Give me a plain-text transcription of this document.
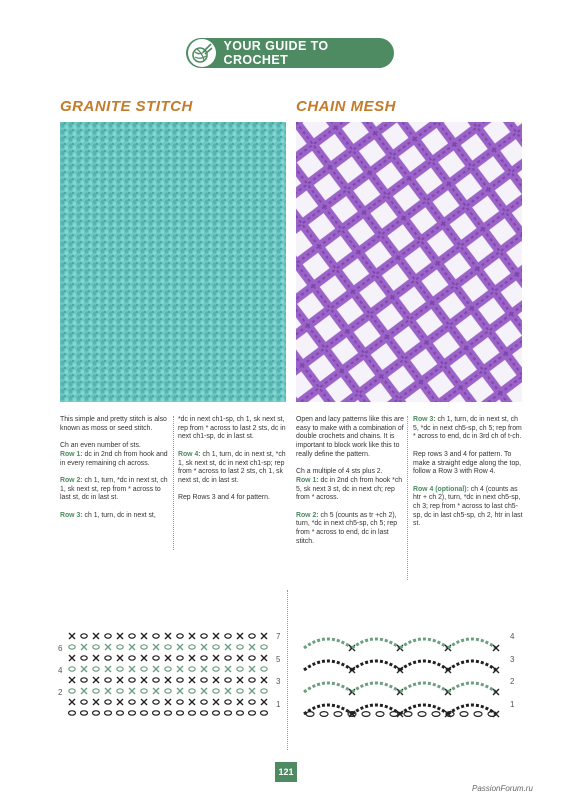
YOUR GUIDE TO CROCHET
GRANITE STITCH	CHAIN MESH

This simple and pretty stitch is also known as moss or seed stitch.

Ch an even number of sts.
Row 1: dc in 2nd ch from hook and in every remaining ch across.

Row 2: ch 1, turn, *dc in next st, ch 1, sk next st, rep from * across to last st, dc in last st.

Row 3: ch 1, turn, dc in next st,

*dc in next ch1-sp, ch 1, sk next st, rep from * across to last 2 sts, dc in next ch1-sp, dc in last st.

Row 4: ch 1, turn, dc in next st, *ch 1, sk next st, dc in next ch1-sp; rep from * across to last 2 sts, ch 1, sk next st, dc in last st.

Rep Rows 3 and 4 for pattern.

Open and lacy patterns like this are easy to make with a combination of double crochets and chains. It is important to block work like this to really define the pattern.

Ch a multiple of 4 sts plus 2.
Row 1: dc in 2nd ch from hook *ch 5, sk next 3 st, dc in next ch; rep from * across.

Row 2: ch 5 (counts as tr +ch 2), turn, *dc in next ch5-sp, ch 5; rep from * across to end, dc in last stitch.

Row 3: ch 1, turn, dc in next st, ch 5, *dc in next ch5-sp, ch 5; rep from * across to end, dc in 3rd ch of t-ch.

Rep rows 3 and 4 for pattern. To make a straight edge along the top, follow a Row 3 with Row 4.

Row 4 (optional): ch 4 (counts as htr + ch 2), turn, *dc in next ch5-sp, ch 3; rep from * across to last ch5-sp, dc in last ch5-sp, ch 2, htr in last st.

6
4
2
7
5
3
1
4
3
2
1
121
PassionForum.ru
